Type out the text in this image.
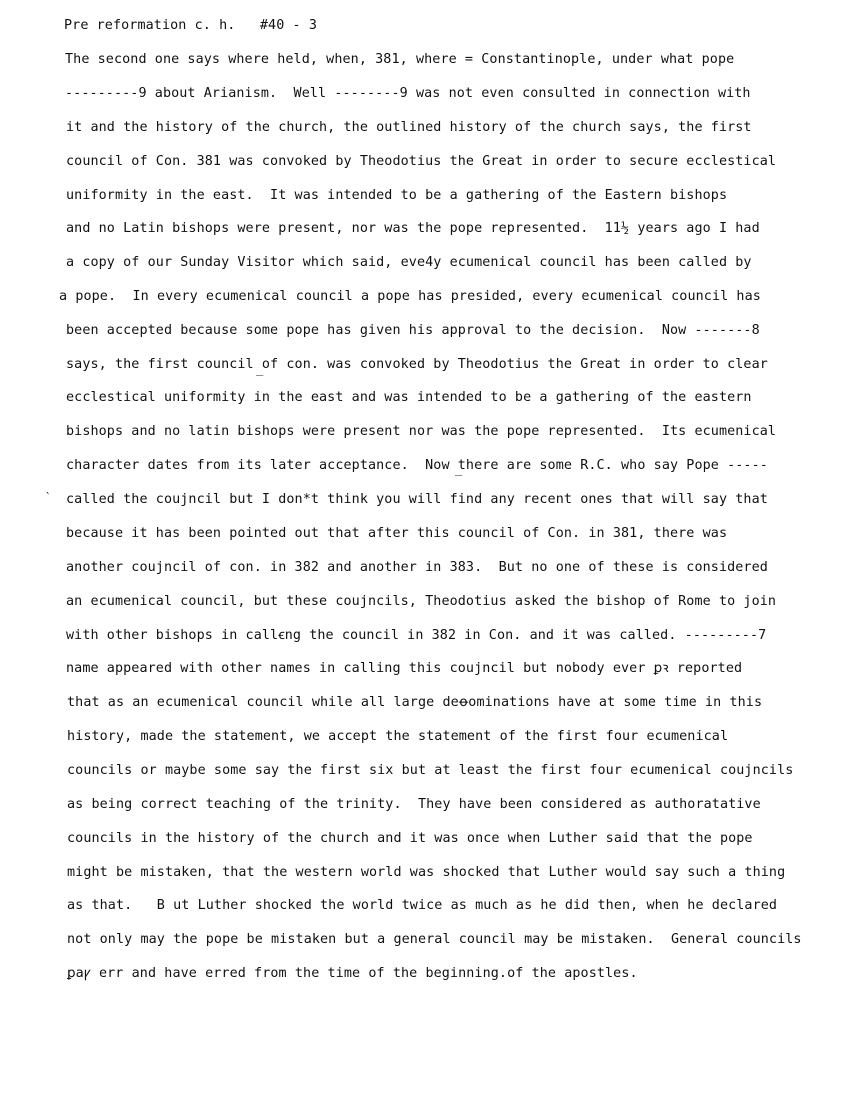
Pre reformation c. h.   #40 - 3
The second one says where held, when, 381, where = Constantinople, under what pope
---------9 about Arianism.  Well --------9 was not even consulted in connection with
it and the history of the church, the outlined history of the church says, the first
council of Con. 381 was convoked by Theodotius the Great in order to secure ecclestical
uniformity in the east.  It was intended to be a gathering of the Eastern bishops
and no Latin bishops were present, nor was the pope represented.  11½ years ago I had
a copy of our Sunday Visitor which said, eve4y ecumenical council has been called by
a pope.  In every ecumenical council a pope has presided, every ecumenical council has
been accepted because some pope has given his approval to the decision.  Now -------8
says, the first council of con. was convoked by Theodotius the Great in order to clear
ecclestical uniformity in the east and was intended to be a gathering of the eastern
bishops and no latin bishops were present nor was the pope represented.  Its ecumenical
character dates from its later acceptance.  Now there are some R.C. who say Pope -----
called the coujncil but I don*t think you will find any recent ones that will say that
because it has been pointed out that after this council of Con. in 381, there was
another coujncil of con. in 382 and another in 383.  But no one of these is considered
an ecumenical council, but these coujncils, Theodotius asked the bishop of Rome to join
with other bishops in callꞓng the council in 382 in Con. and it was called. ---------7
name appeared with other names in calling this coujncil but nobody ever ꝑꝛ reported
that as an ecumenical council while all large deꝋominations have at some time in this
history, made the statement, we accept the statement of the first four ecumenical
councils or maybe some say the first six but at least the first four ecumenical coujncils
as being correct teaching of the trinity.  They have been considered as authoratative
councils in the history of the church and it was once when Luther said that the pope
might be mistaken, that the western world was shocked that Luther would say such a thing
as that.   B ut Luther shocked the world twice as much as he did then, when he declared
not only may the pope be mistaken but a general council may be mistaken.  General councils
ꝑaꝩ err and have erred from the time of the beginning.of the apostles.
‵
‾
‾
